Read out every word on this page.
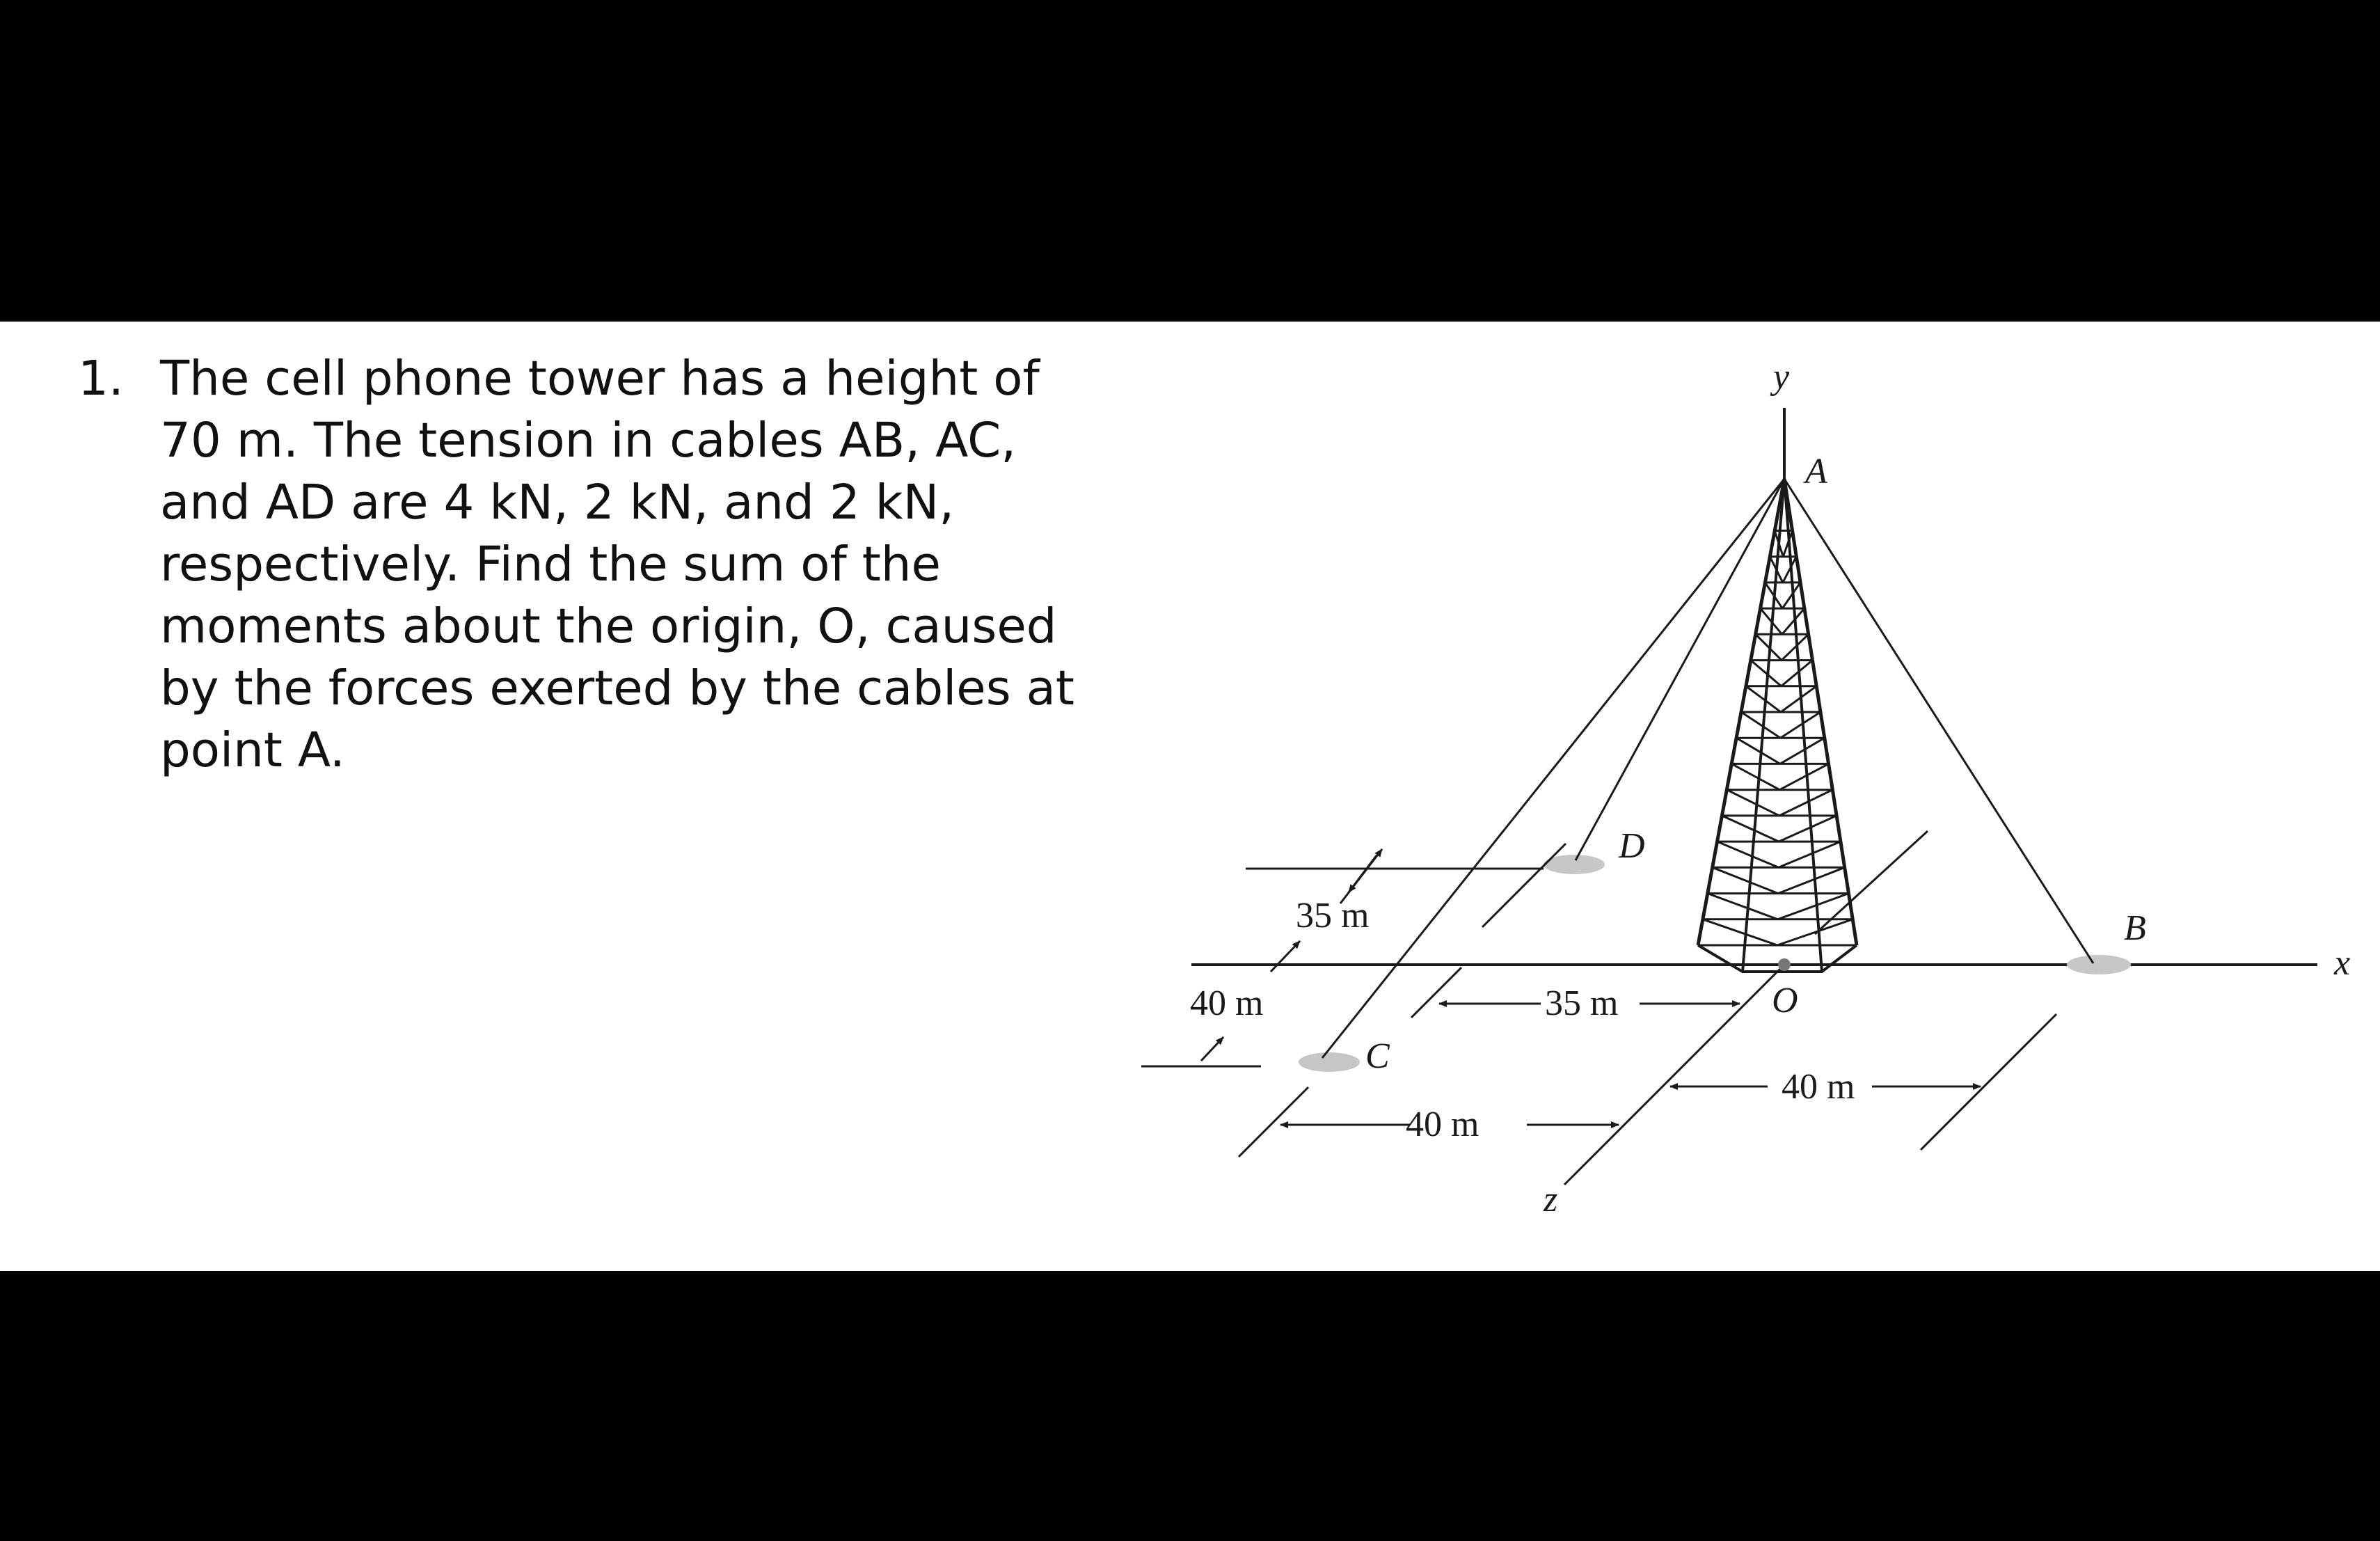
1. The cell phone tower has a height of
70 m. The tension in cables AB, AC,
and AD are 4 kN, 2 kN, and 2 kN,
respectively. Find the sum of the
moments about the origin, O, caused
by the forces exerted by the cables at
point A.
y
A
D
B
x
O
C
z
35 m
40 m	35 m
40 m
40 m
